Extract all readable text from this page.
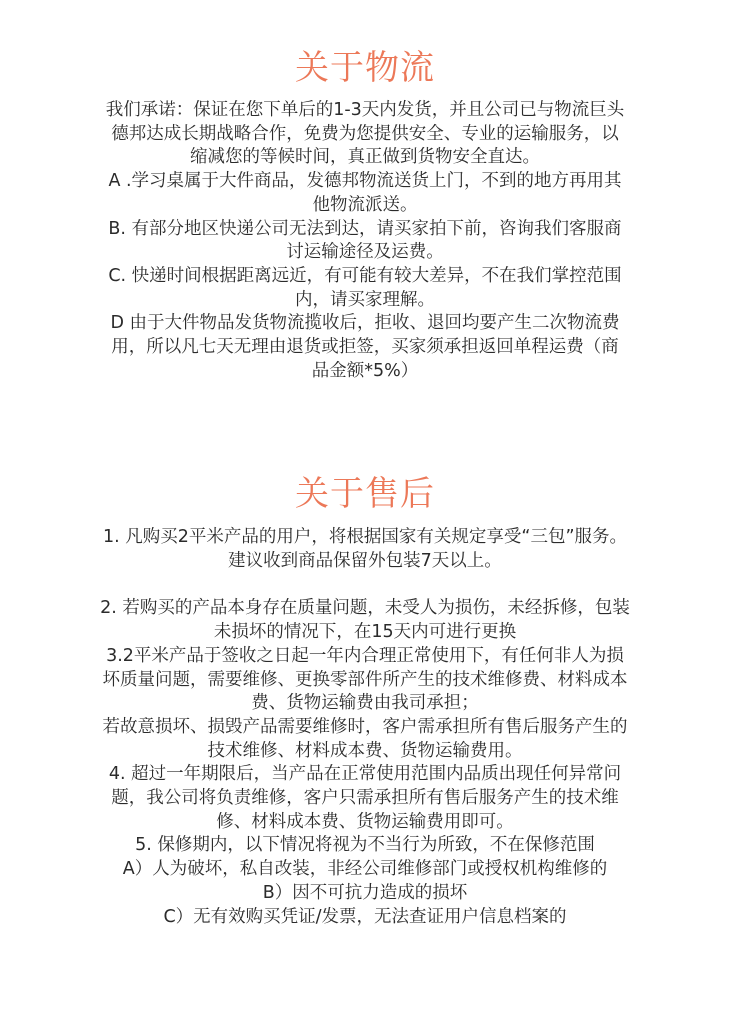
关于物流

我们承诺：保证在您下单后的1-3天内发货，并且公司已与物流巨头德邦达成长期战略合作，免费为您提供安全、专业的运输服务，以缩减您的等候时间，真正做到货物安全直达。

A .学习桌属于大件商品，发德邦物流送货上门，不到的地方再用其他物流派送。

B. 有部分地区快递公司无法到达，请买家拍下前，咨询我们客服商讨运输途径及运费。

C. 快递时间根据距离远近，有可能有较大差异，不在我们掌控范围内，请买家理解。

D 由于大件物品发货物流揽收后，拒收、退回均要产生二次物流费用，所以凡七天无理由退货或拒签，买家须承担返回单程运费（商品金额*5%）

关于售后

1. 凡购买2平米产品的用户，将根据国家有关规定享受“三包”服务。建议收到商品保留外包装7天以上。

2. 若购买的产品本身存在质量问题，未受人为损伤，未经拆修，包装未损坏的情况下，在15天内可进行更换

3.2平米产品于签收之日起一年内合理正常使用下，有任何非人为损坏质量问题，需要维修、更换零部件所产生的技术维修费、材料成本费、货物运输费由我司承担；

若故意损坏、损毁产品需要维修时，客户需承担所有售后服务产生的技术维修、材料成本费、货物运输费用。

4. 超过一年期限后，当产品在正常使用范围内品质出现任何异常问题，我公司将负责维修，客户只需承担所有售后服务产生的技术维修、材料成本费、货物运输费用即可。

5. 保修期内，以下情况将视为不当行为所致，不在保修范围

A）人为破坏，私自改装，非经公司维修部门或授权机构维修的

B）因不可抗力造成的损坏

C）无有效购买凭证/发票，无法查证用户信息档案的
